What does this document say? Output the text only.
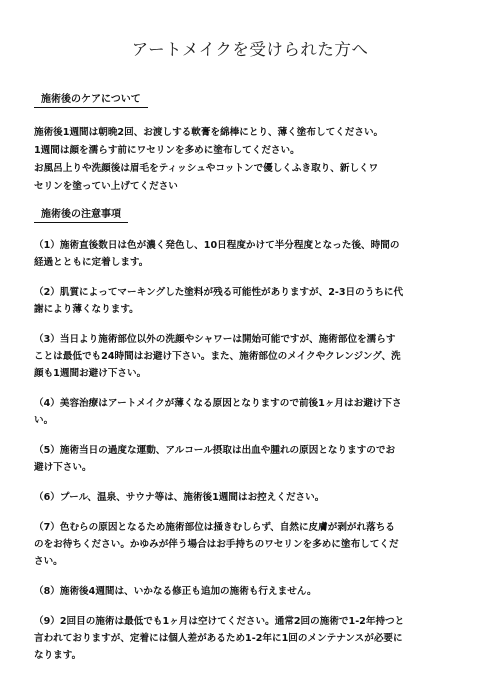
アートメイクを受けられた方へ
施術後のケアについて

施術後1週間は朝晩2回、お渡しする軟膏を綿棒にとり、薄く塗布してください。
1週間は顔を濡らす前にワセリンを多めに塗布してください。
お風呂上りや洗顔後は眉毛をティッシュやコットンで優しくふき取り、新しくワ
セリンを塗ってい上げてください

施術後の注意事項
（1）施術直後数日は色が濃く発色し、10日程度かけて半分程度となった後、時間の
経過とともに定着します。
（2）肌質によってマーキングした塗料が残る可能性がありますが、2-3日のうちに代
謝により薄くなります。
（3）当日より施術部位以外の洗顔やシャワーは開始可能ですが、施術部位を濡らす
ことは最低でも24時間はお避け下さい。また、施術部位のメイクやクレンジング、洗
顔も1週間お避け下さい。
（4）美容治療はアートメイクが薄くなる原因となりますので前後1ヶ月はお避け下さ
い。
（5）施術当日の過度な運動、アルコール摂取は出血や腫れの原因となりますのでお
避け下さい。
（6）プール、温泉、サウナ等は、施術後1週間はお控えください。
（7）色むらの原因となるため施術部位は掻きむしらず、自然に皮膚が剥がれ落ちる
のをお待ちください。かゆみが伴う場合はお手持ちのワセリンを多めに塗布してくだ
さい。
（8）施術後4週間は、いかなる修正も追加の施術も行えません。
（9）2回目の施術は最低でも1ヶ月は空けてください。通常2回の施術で1-2年持つと
言われておりますが、定着には個人差があるため1-2年に1回のメンテナンスが必要に
なります。
